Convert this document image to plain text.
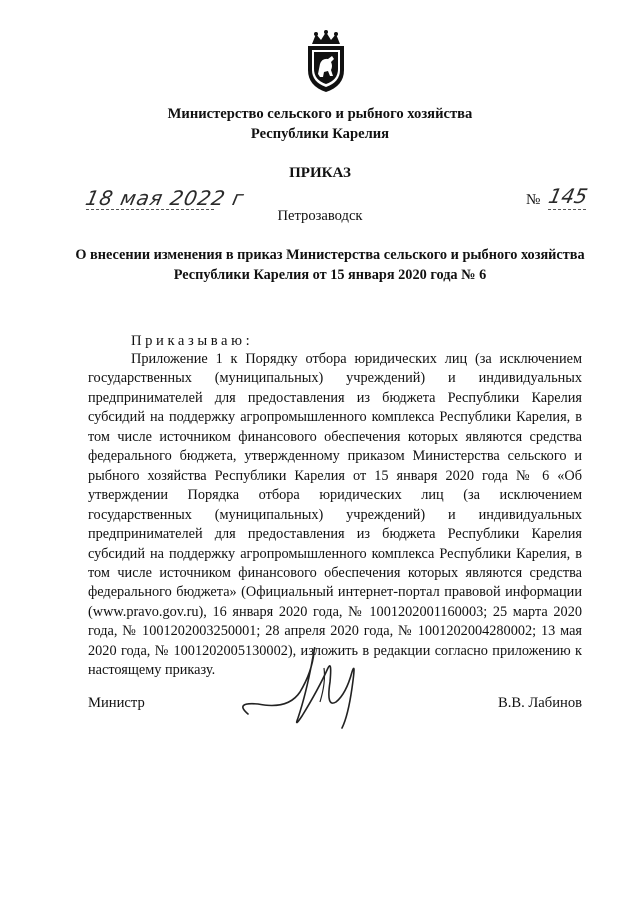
Министерство сельского и рыбного хозяйства
Республики Карелия
ПРИКАЗ
18 мая 2022 г	№ 145
Петрозаводск
О внесении изменения в приказ Министерства сельского и рыбного хозяйства
Республики Карелия от 15 января 2020 года № 6
Приказываю:
Приложение 1 к Порядку отбора юридических лиц (за исключением государственных (муниципальных) учреждений) и индивидуальных предпринимателей для предоставления из бюджета Республики Карелия субсидий на поддержку агропромышленного комплекса Республики Карелия, в том числе источником финансового обеспечения которых являются средства федерального бюджета, утвержденному приказом Министерства сельского и рыбного хозяйства Республики Карелия от 15 января 2020 года № 6 «Об утверждении Порядка отбора юридических лиц (за исключением государственных (муниципальных) учреждений) и индивидуальных предпринимателей для предоставления из бюджета Республики Карелия субсидий на поддержку агропромышленного комплекса Республики Карелия, в том числе источником финансового обеспечения которых являются средства федерального бюджета» (Официальный интернет-портал правовой информации (www.pravo.gov.ru), 16 января 2020 года, № 1001202001160003; 25 марта 2020 года, № 1001202003250001; 28 апреля 2020 года, № 1001202004280002; 13 мая 2020 года, № 1001202005130002), изложить в редакции согласно приложению к настоящему приказу.
Министр	В.В. Лабинов
